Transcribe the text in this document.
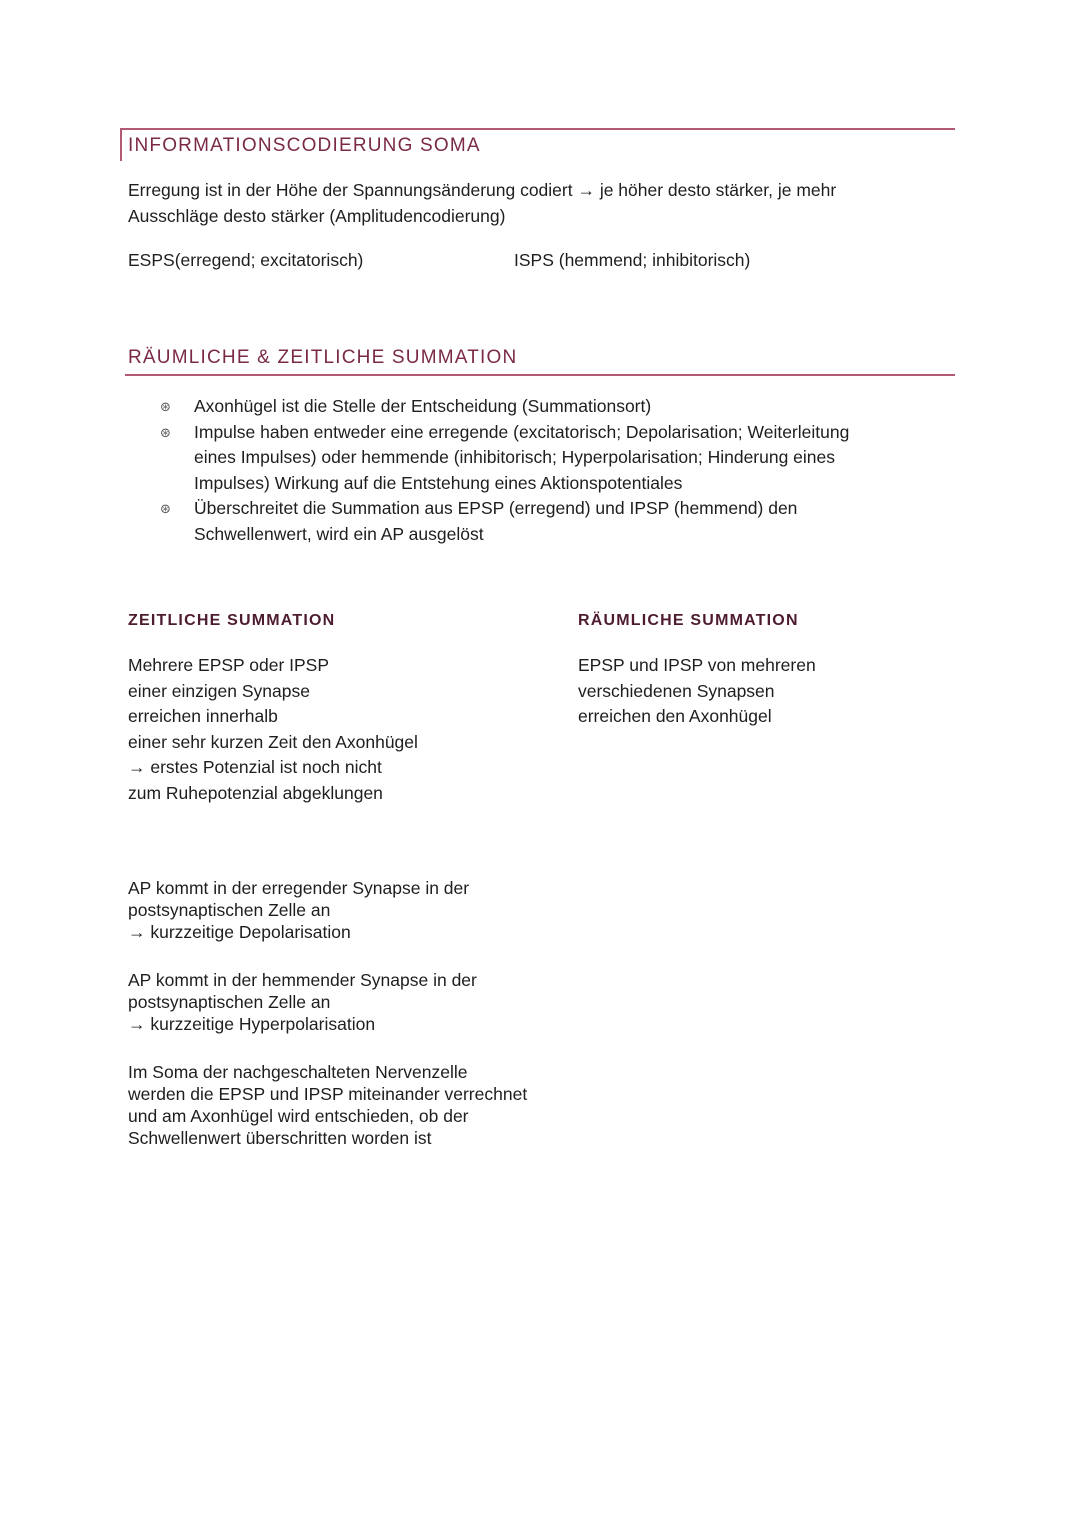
INFORMATIONSCODIERUNG SOMA
Erregung ist in der Höhe der Spannungsänderung codiert → je höher desto stärker, je mehr
Ausschläge desto stärker (Amplitudencodierung)
ESPS(erregend; excitatorisch)	ISPS (hemmend; inhibitorisch)
RÄUMLICHE & ZEITLICHE SUMMATION
⊛	Axonhügel ist die Stelle der Entscheidung (Summationsort)
⊛	Impulse haben entweder eine erregende (excitatorisch; Depolarisation; Weiterleitung
eines Impulses) oder hemmende (inhibitorisch; Hyperpolarisation; Hinderung eines
Impulses) Wirkung auf die Entstehung eines Aktionspotentiales
⊛	Überschreitet die Summation aus EPSP (erregend) und IPSP (hemmend) den
Schwellenwert, wird ein AP ausgelöst
ZEITLICHE SUMMATION	RÄUMLICHE SUMMATION
Mehrere EPSP oder IPSP
einer einzigen Synapse
erreichen innerhalb
einer sehr kurzen Zeit den Axonhügel
→ erstes Potenzial ist noch nicht
zum Ruhepotenzial abgeklungen
EPSP und IPSP von mehreren
verschiedenen Synapsen
erreichen den Axonhügel
AP kommt in der erregender Synapse in der
postsynaptischen Zelle an
→ kurzzeitige Depolarisation
AP kommt in der hemmender Synapse in der
postsynaptischen Zelle an
→ kurzzeitige Hyperpolarisation
Im Soma der nachgeschalteten Nervenzelle
werden die EPSP und IPSP miteinander verrechnet
und am Axonhügel wird entschieden, ob der
Schwellenwert überschritten worden ist
